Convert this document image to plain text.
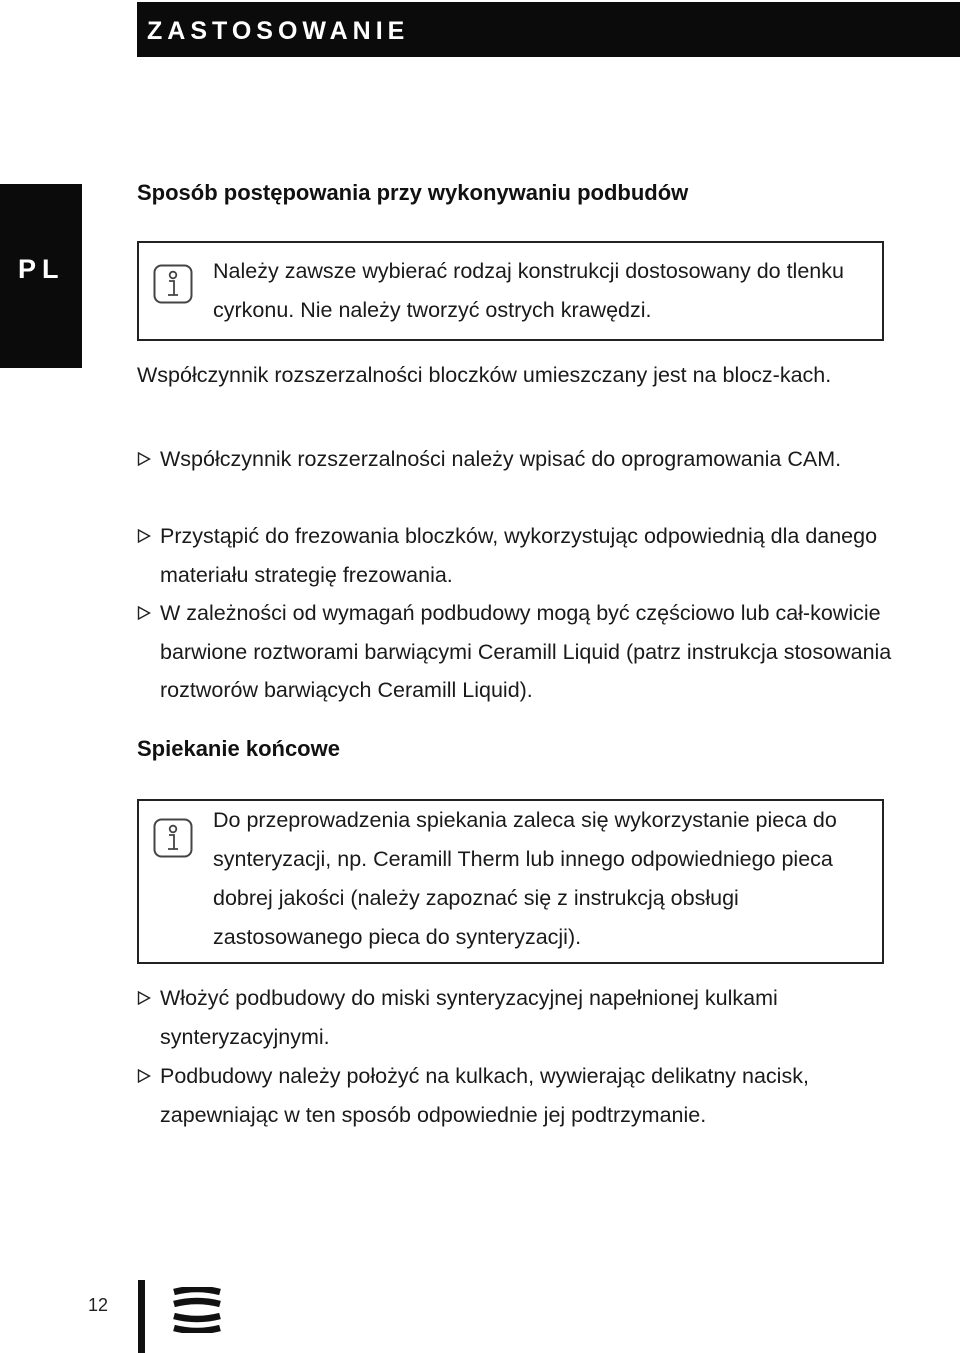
ZASTOSOWANIE
PL
Sposób postępowania przy wykonywaniu podbudów

Należy zawsze wybierać rodzaj konstrukcji dostosowany do tlenku cyrkonu. Nie należy tworzyć ostrych krawędzi.

Współczynnik rozszerzalności bloczków umieszczany jest na blocz-kach.

Współczynnik rozszerzalności należy wpisać do oprogramowania CAM.
Przystąpić do frezowania bloczków, wykorzystując odpowiednią dla danego materiału strategię frezowania.
W zależności od wymagań podbudowy mogą być częściowo lub cał-kowicie barwione roztworami barwiącymi Ceramill Liquid (patrz instrukcja stosowania roztworów barwiących Ceramill Liquid).
Spiekanie końcowe

Do przeprowadzenia spiekania zaleca się wykorzystanie pieca do synteryzacji, np. Ceramill Therm lub innego odpowiedniego pieca dobrej jakości (należy zapoznać się z instrukcją obsługi zastosowanego pieca do synteryzacji).

Włożyć podbudowy do miski synteryzacyjnej napełnionej kulkami synteryzacyjnymi.
Podbudowy należy położyć na kulkach, wywierając delikatny nacisk, zapewniając w ten sposób odpowiednie jej podtrzymanie.
12
